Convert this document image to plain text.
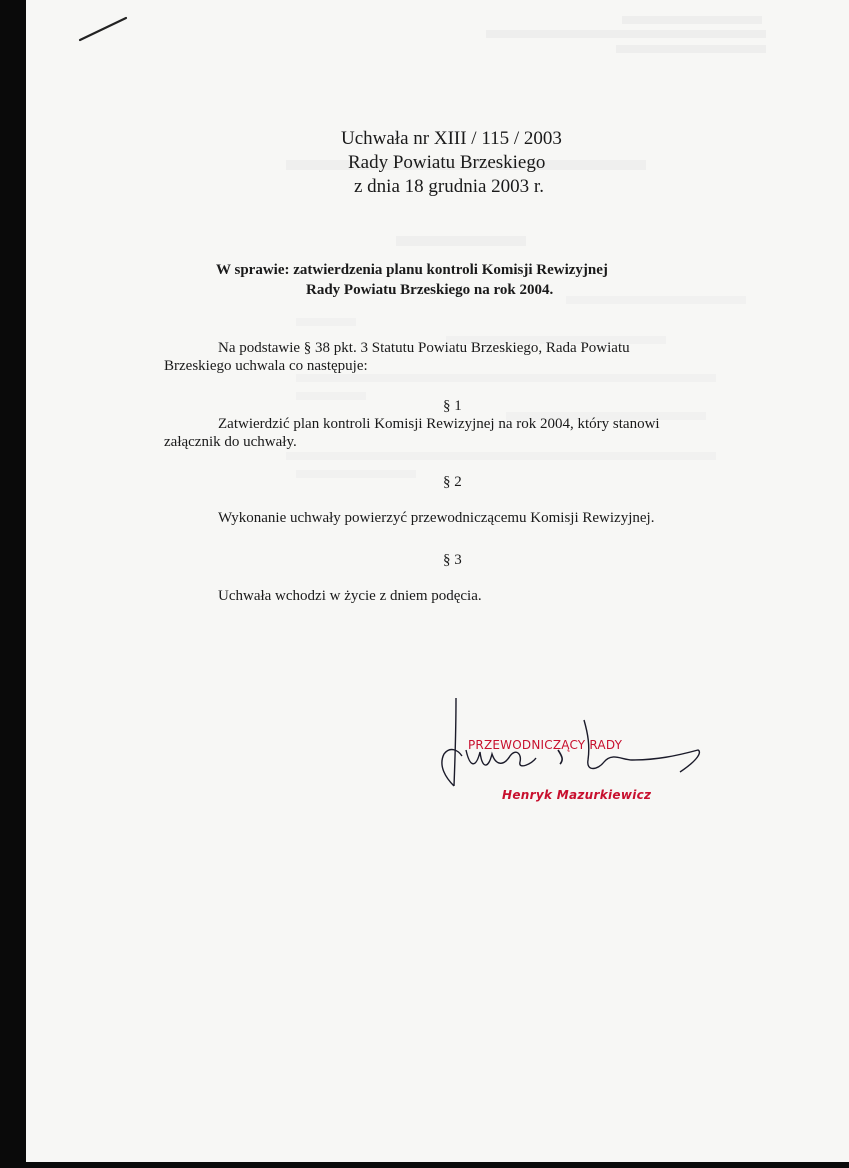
Uchwała nr XIII / 115 / 2003
Rady Powiatu Brzeskiego
z dnia 18 grudnia 2003 r.
W sprawie: zatwierdzenia planu kontroli Komisji Rewizyjnej
Rady Powiatu Brzeskiego na rok 2004.
Na podstawie § 38 pkt. 3 Statutu Powiatu Brzeskiego, Rada Powiatu
Brzeskiego uchwala co następuje:
§ 1
Zatwierdzić plan kontroli Komisji Rewizyjnej na rok 2004, który stanowi
załącznik do uchwały.
§ 2
Wykonanie uchwały powierzyć przewodniczącemu Komisji Rewizyjnej.
§ 3
Uchwała wchodzi w życie z dniem podęcia.
PRZEWODNICZĄCY RADY
Henryk Mazurkiewicz
